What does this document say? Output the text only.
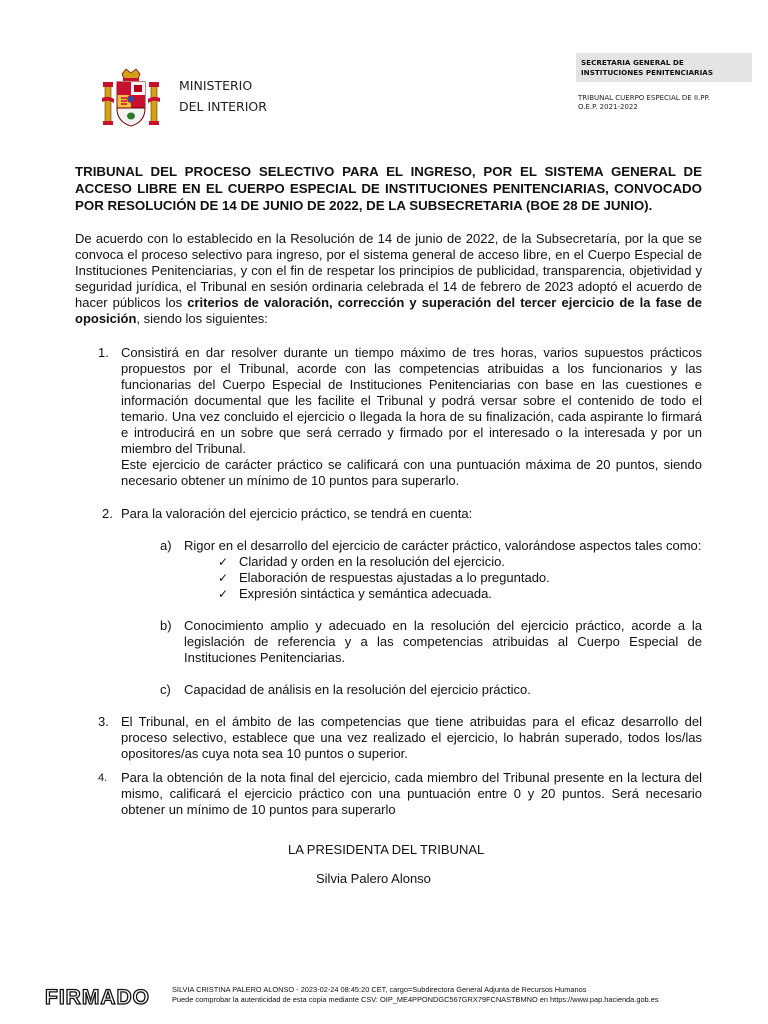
MINISTERIO
DEL INTERIOR
SECRETARIA GENERAL DE
INSTITUCIONES PENITENCIARIAS
TRIBUNAL CUERPO ESPECIAL DE II.PP.
O.E.P. 2021-2022
TRIBUNAL DEL PROCESO SELECTIVO PARA EL INGRESO, POR EL SISTEMA GENERAL DE ACCESO LIBRE EN EL CUERPO ESPECIAL DE INSTITUCIONES PENITENCIARIAS, CONVOCADO POR RESOLUCIÓN DE 14 DE JUNIO DE 2022, DE LA SUBSECRETARIA (BOE 28 DE JUNIO).
De acuerdo con lo establecido en la Resolución de 14 de junio de 2022, de la Subsecretaría, por la que se convoca el proceso selectivo para ingreso, por el sistema general de acceso libre, en el Cuerpo Especial de Instituciones Penitenciarias, y con el fin de respetar los principios de publicidad, transparencia, objetividad y seguridad jurídica, el Tribunal en sesión ordinaria celebrada el 14 de febrero de 2023 adoptó el acuerdo de hacer públicos los criterios de valoración, corrección y superación del tercer ejercicio de la fase de oposición, siendo los siguientes:
1. Consistirá en dar resolver durante un tiempo máximo de tres horas, varios supuestos prácticos propuestos por el Tribunal, acorde con las competencias atribuidas a los funcionarios y las funcionarias del Cuerpo Especial de Instituciones Penitenciarias con base en las cuestiones e información documental que les facilite el Tribunal y podrá versar sobre el contenido de todo el temario. Una vez concluido el ejercicio o llegada la hora de su finalización, cada aspirante lo firmará e introducirá en un sobre que será cerrado y firmado por el interesado o la interesada y por un miembro del Tribunal.
Este ejercicio de carácter práctico se calificará con una puntuación máxima de 20 puntos, siendo necesario obtener un mínimo de 10 puntos para superarlo.
2. Para la valoración del ejercicio práctico, se tendrá en cuenta:
a) Rigor en el desarrollo del ejercicio de carácter práctico, valorándose aspectos tales como:
✓ Claridad y orden en la resolución del ejercicio.
✓ Elaboración de respuestas ajustadas a lo preguntado.
✓ Expresión sintáctica y semántica adecuada.
b) Conocimiento amplio y adecuado en la resolución del ejercicio práctico, acorde a la legislación de referencia y a las competencias atribuidas al Cuerpo Especial de Instituciones Penitenciarias.
c) Capacidad de análisis en la resolución del ejercicio práctico.
3. El Tribunal, en el ámbito de las competencias que tiene atribuidas para el eficaz desarrollo del proceso selectivo, establece que una vez realizado el ejercicio, lo habrán superado, todos los/las opositores/as cuya nota sea 10 puntos o superior.
4. Para la obtención de la nota final del ejercicio, cada miembro del Tribunal presente en la lectura del mismo, calificará el ejercicio práctico con una puntuación entre 0 y 20 puntos. Será necesario obtener un mínimo de 10 puntos para superarlo
LA PRESIDENTA DEL TRIBUNAL
Silvia Palero Alonso
FIRMADO	SILVIA CRISTINA PALERO ALONSO - 2023-02-24 08:45:20 CET, cargo=Subdirectora General Adjunta de Recursos Humanos
Puede comprobar la autenticidad de esta copia mediante CSV: OIP_ME4PPONDGC567GRX79FCNASTBMNO en https://www.pap.hacienda.gob.es
